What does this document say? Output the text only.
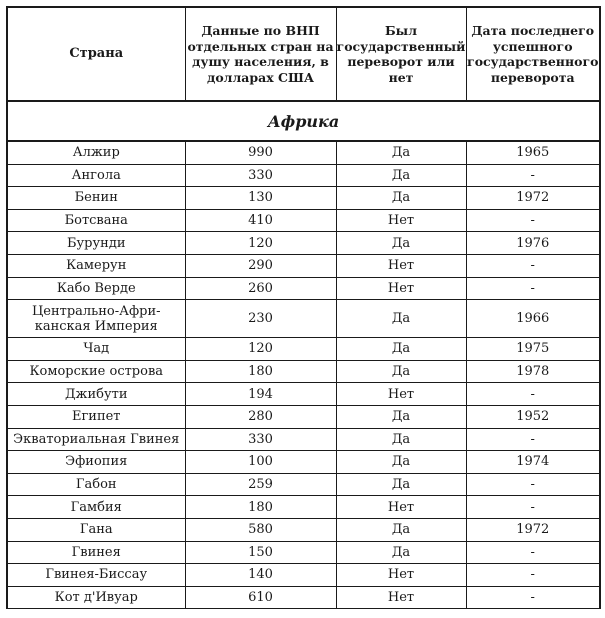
Страна	Данные по ВНП отдельных стран на душу населения, в долларах США	Был государственный переворот или нет	Дата последнего успешного государственного переворота
Африка			
Алжир	990	Да	1965
Ангола	330	Да	-
Бенин	130	Да	1972
Ботсвана	410	Нет	-
Бурунди	120	Да	1976
Камерун	290	Нет	-
Кабо Верде	260	Нет	-
Центрально-Афри-канская Империя	230	Да	1966
Чад	120	Да	1975
Коморские острова	180	Да	1978
Джибути	194	Нет	-
Египет	280	Да	1952
Экваториальная Гвинея	330	Да	-
Эфиопия	100	Да	1974
Габон	259	Да	-
Гамбия	180	Нет	-
Гана	580	Да	1972
Гвинея	150	Да	-
Гвинея-Биссау	140	Нет	-
Кот д'Ивуар	610	Нет	-
